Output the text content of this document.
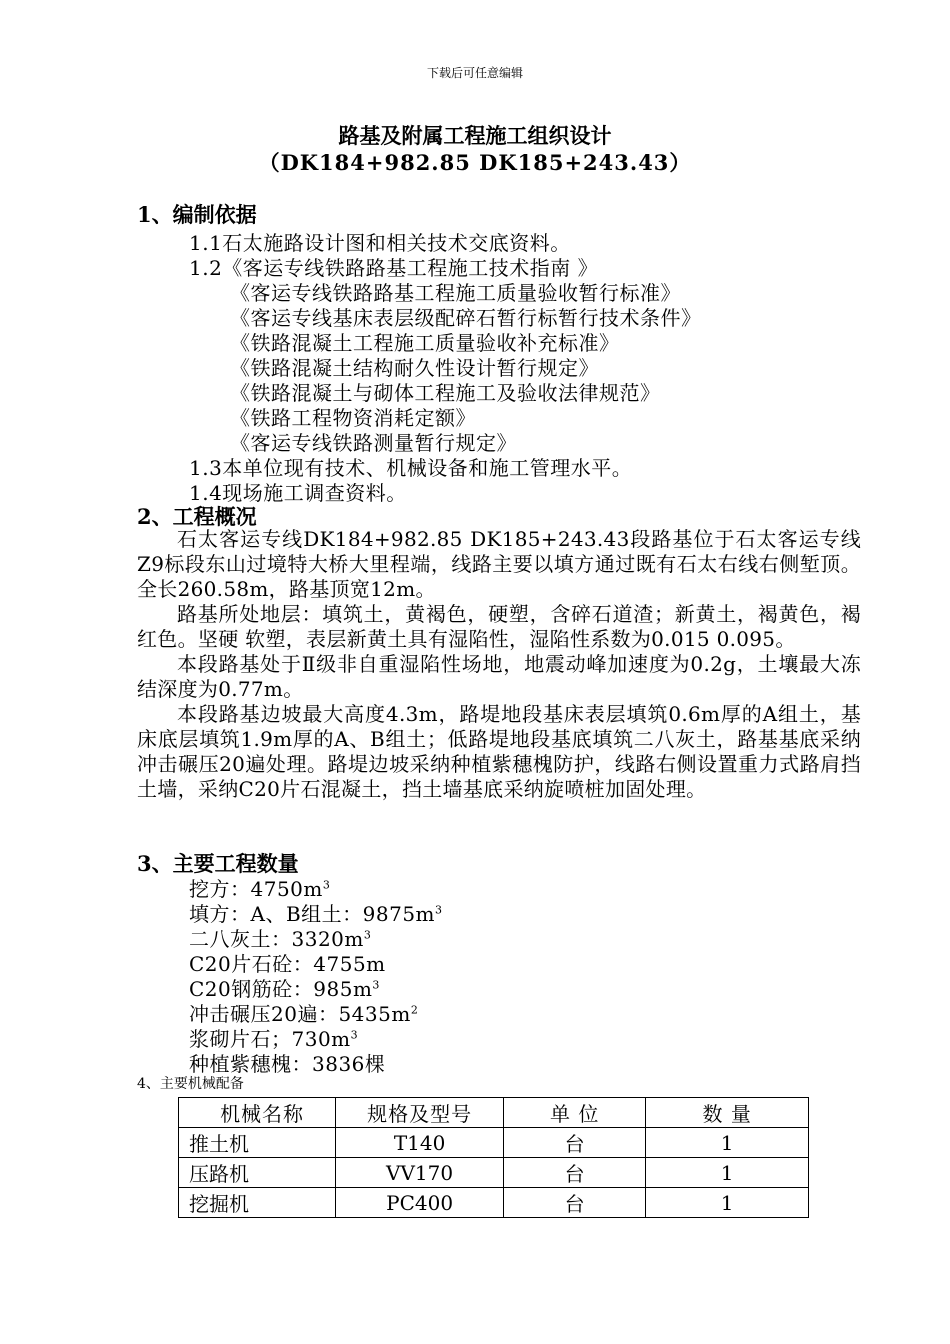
下载后可任意编辑
路基及附属工程施工组织设计
（DK184+982.85 DK185+243.43）
1、编制依据
1.1石太施路设计图和相关技术交底资料。
1.2《客运专线铁路路基工程施工技术指南 》
《客运专线铁路路基工程施工质量验收暂行标准》
《客运专线基床表层级配碎石暂行标暂行技术条件》
《铁路混凝土工程施工质量验收补充标准》
《铁路混凝土结构耐久性设计暂行规定》
《铁路混凝土与砌体工程施工及验收法律规范》
《铁路工程物资消耗定额》
《客运专线铁路测量暂行规定》
1.3本单位现有技术、机械设备和施工管理水平。
1.4现场施工调查资料。
2、工程概况

石太客运专线DK184+982.85 DK185+243.43段路基位于石太客运专线Z9标段东山过境特大桥大里程端，线路主要以填方通过既有石太右线右侧堑顶。全长260.58m，路基顶宽12m。

路基所处地层：填筑土，黄褐色，硬塑，含碎石道渣；新黄土，褐黄色，褐红色。坚硬 软塑，表层新黄土具有湿陷性，湿陷性系数为0.015 0.095。

本段路基处于Ⅱ级非自重湿陷性场地，地震动峰加速度为0.2g，土壤最大冻结深度为0.77m。

本段路基边坡最大高度4.3m，路堤地段基床表层填筑0.6m厚的A组土，基床底层填筑1.9m厚的A、B组土；低路堤地段基底填筑二八灰土，路基基底采纳冲击碾压20遍处理。路堤边坡采纳种植紫穗槐防护，线路右侧设置重力式路肩挡土墙，采纳C20片石混凝土，挡土墙基底采纳旋喷桩加固处理。

3、主要工程数量
挖方：$4750m^3$
填方：A、B组土：$9875m^3$
二八灰土：$3320m^3$
C20片石砼：4755m
C20钢筋砼：$985m^3$
冲击碾压20遍：$5435m^2$
浆砌片石；$730m^3$
种植紫穗槐：3836棵
4、主要机械配备
机械名称	规格及型号	单 位	数 量
推土机	T140	台	1
压路机	VV170	台	1
挖掘机	PC400	台	1
